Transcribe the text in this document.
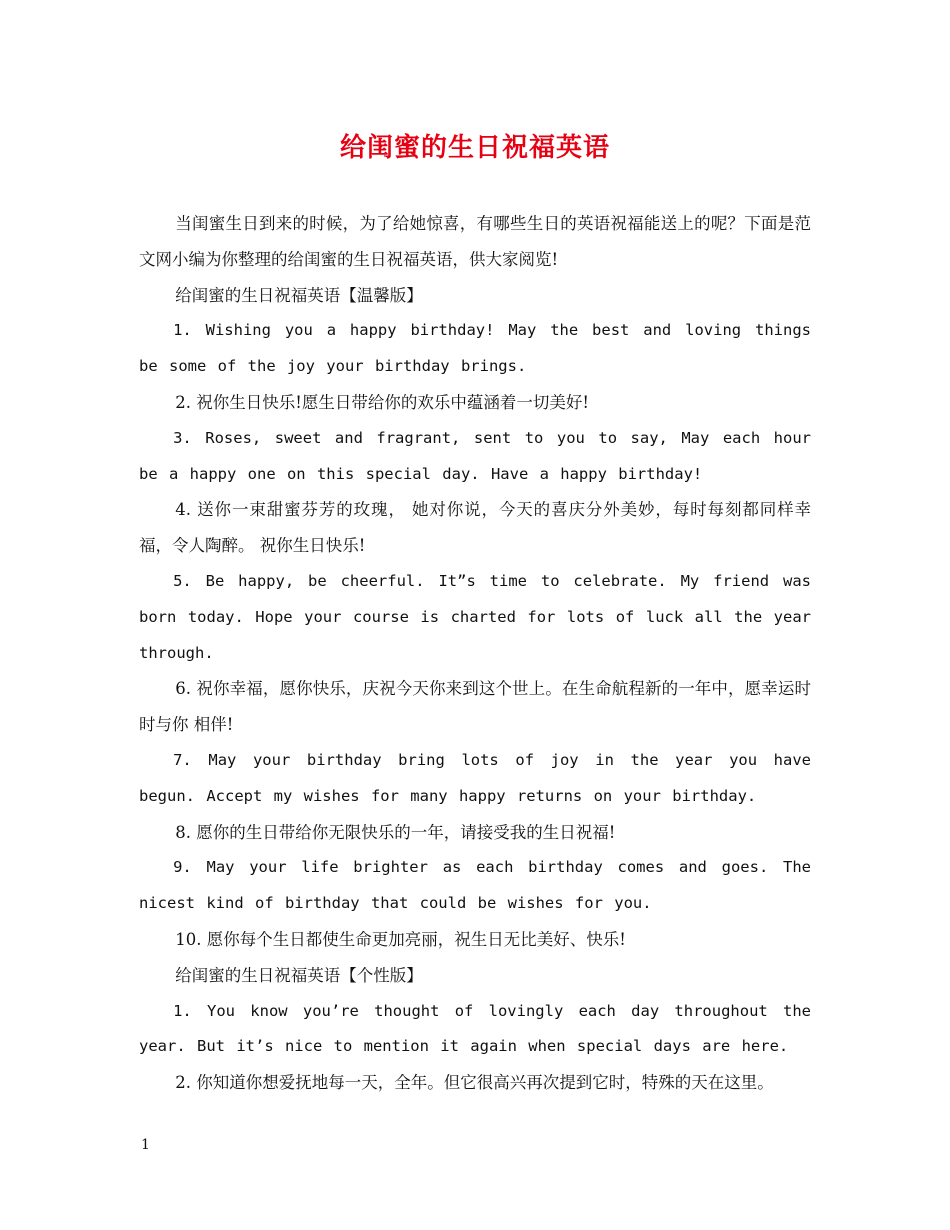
给闺蜜的生日祝福英语

当闺蜜生日到来的时候，为了给她惊喜，有哪些生日的英语祝福能送上的呢？下面是范文网小编为你整理的给闺蜜的生日祝福英语，供大家阅览!

给闺蜜的生日祝福英语【温馨版】

1. Wishing you a happy birthday! May the best and loving things be some of the joy your birthday brings.

2. 祝你生日快乐!愿生日带给你的欢乐中蕴涵着一切美好!

3. Roses, sweet and fragrant, sent to you to say, May each hour be a happy one on this special day. Have a happy birthday!

4. 送你一束甜蜜芬芳的玫瑰， 她对你说，今天的喜庆分外美妙，每时每刻都同样幸福，令人陶醉。 祝你生日快乐!

5. Be happy, be cheerful. It”s time to celebrate. My friend was born today. Hope your course is charted for lots of luck all the year through.

6. 祝你幸福，愿你快乐，庆祝今天你来到这个世上。在生命航程新的一年中，愿幸运时时与你 相伴!

7. May your birthday bring lots of joy in the year you have begun. Accept my wishes for many happy returns on your birthday.

8. 愿你的生日带给你无限快乐的一年，请接受我的生日祝福!

9. May your life brighter as each birthday comes and goes. The nicest kind of birthday that could be wishes for you.

10. 愿你每个生日都使生命更加亮丽，祝生日无比美好、快乐!

给闺蜜的生日祝福英语【个性版】

1. You know you’re thought of lovingly each day throughout the year. But it’s nice to mention it again when special days are here.

2. 你知道你想爱抚地每一天，全年。但它很高兴再次提到它时，特殊的天在这里。

1
